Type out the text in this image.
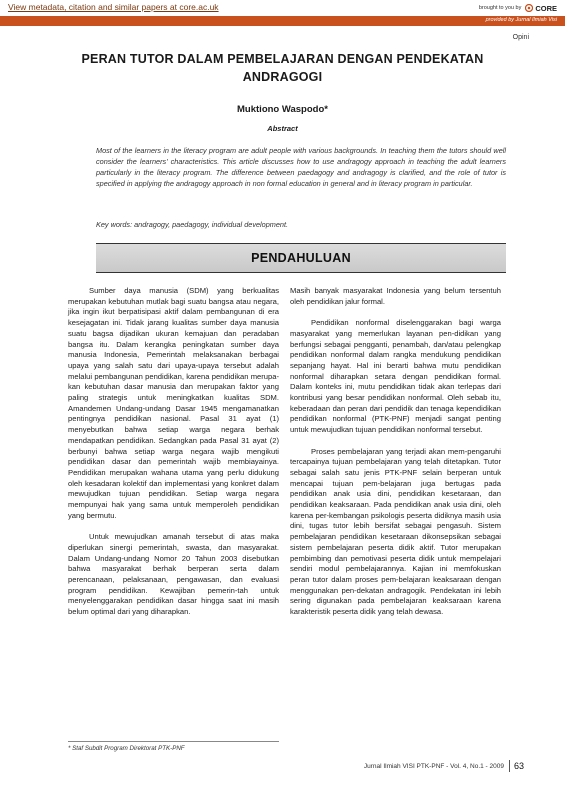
View metadata, citation and similar papers at core.ac.uk	brought to you by CORE
provided by Jurnal Ilmiah Visi
Opini
PERAN TUTOR DALAM PEMBELAJARAN DENGAN PENDEKATAN ANDRAGOGI
Muktiono Waspodo*
Abstract
Most of the learners in the literacy program are adult people with various backgrounds. In teaching them the tutors should well consider the learners' characteristics. This article discusses how to use andragogy approach in teaching the adult learners particularly in the literacy program. The difference between paedagogy and andragogy is clarified, and the role of tutor is specified in applying the andragogy approach in non formal education in general and in literacy program in particular.
Key words: andragogy, paedagogy, individual development.
PENDAHULUAN

Sumber daya manusia (SDM) yang berkualitas merupakan kebutuhan mutlak bagi suatu bangsa atau negara, jika ingin ikut berpatisipasi aktif dalam pembangunan di era kesejagatan ini. Tidak jarang kualitas sumber daya manusia suatu bagsa dijadikan ukuran kemajuan dan peradaban bangsa itu. Dalam kerangka peningkatan sumber daya manusia Indonesia, Pemerintah melaksanakan berbagai upaya yang salah satu dari upaya-upaya tersebut adalah melalui pembangunan pendidikan, karena pendidikan merupa-kan kebutuhan dasar manusia dan merupakan faktor yang paling strategis untuk meningkatkan kualitas SDM. Amandemen Undang-undang Dasar 1945 mengamanatkan pentingnya pendidikan nasional. Pasal 31 ayat (1) menyebutkan bahwa setiap warga negara berhak mendapatkan pendidikan. Sedangkan pada Pasal 31 ayat (2) berbunyi bahwa setiap warga negara wajib mengikuti pendidikan dasar dan pemerintah wajib membiayainya. Pendidikan merupakan wahana utama yang perlu didukung oleh kesadaran kolektif dan implementasi yang konkret dalam mewujudkan tujuan pendidikan. Setiap warga negara mempunyai hak yang sama untuk memperoleh pendidikan yang bermutu.

Untuk mewujudkan amanah tersebut di atas maka diperlukan sinergi pemerintah, swasta, dan masyarakat. Dalam Undang-undang Nomor 20 Tahun 2003 disebutkan bahwa masyarakat berhak berperan serta dalam perencanaan, pelaksanaan, pengawasan, dan evaluasi program pendidikan. Kewajiban pemerin-tah untuk menyelenggarakan pendidikan dasar hingga saat ini masih belum optimal dari yang diharapkan.

Masih banyak masyarakat Indonesia yang belum tersentuh oleh pendidikan jalur formal.

Pendidikan nonformal diselenggarakan bagi warga masyarakat yang memerlukan layanan pen-didikan yang berfungsi sebagai pengganti, penambah, dan/atau pelengkap pendidikan nonformal dalam rangka mendukung pendidikan sepanjang hayat. Hal ini berarti bahwa mutu pendidikan nonformal diharapkan setara dengan pendidikan formal. Dalam konteks ini, mutu pendidikan tidak akan terlepas dari kontribusi yang besar pendidikan nonformal. Oleh sebab itu, keberadaan dan peran dari pendidik dan tenaga kependidikan pendidikan nonformal (PTK-PNF) menjadi sangat penting untuk mewujudkan tujuan pendidikan nonformal tersebut.

Proses pembelajaran yang terjadi akan mem-pengaruhi tercapainya tujuan pembelajaran yang telah ditetapkan. Tutor sebagai salah satu jenis PTK-PNF selain berperan untuk mencapai tujuan pem-belajaran juga bertugas pada pendidikan anak usia dini, pendidikan kesetaraan, dan pendidikan keaksaraan. Pada pendidikan anak usia dini, oleh karena per-kembangan psikologis peserta didiknya masih usia dini, tugas tutor lebih bersifat sebagai pengasuh. Sistem pembelajaran pendidikan kesetaraan dikonsepsikan sebagai sistem pembelajaran peserta didik aktif. Tutor merupakan pembimbing dan pemotivasi peserta didik untuk mempelajari sendiri modul pembelajarannya. Kajian ini memfokuskan peran tutor dalam proses pem-belajaran keaksaraan dengan menggunakan pen-dekatan andragogik. Pendekatan ini lebih sering digunakan pada pembelajaran keaksaraan karena karakteristik peserta didik yang telah dewasa.

* Staf Subdit Program Direktorat PTK-PNF
Jurnal Ilmiah VISI PTK-PNF - Vol. 4, No.1 - 2009	63
